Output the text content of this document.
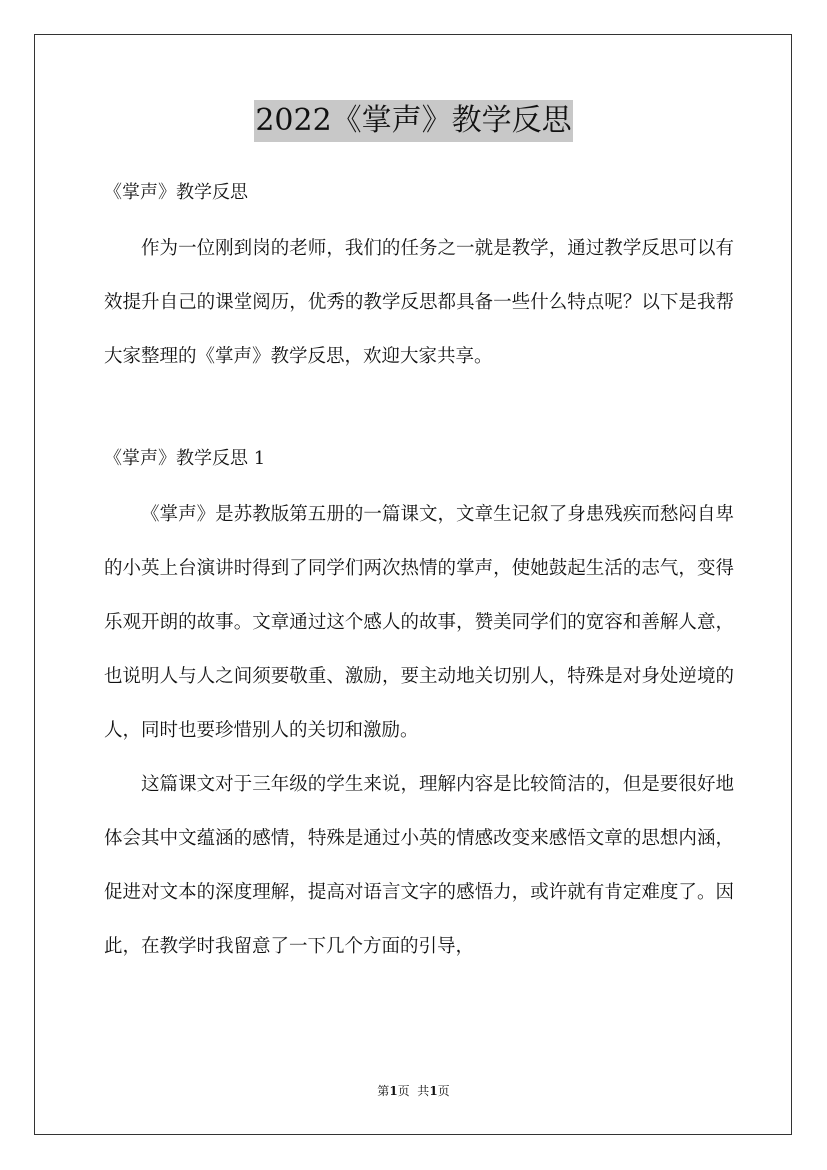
2022《掌声》教学反思

《掌声》教学反思

作为一位刚到岗的老师，我们的任务之一就是教学，通过教学反思可以有效提升自己的课堂阅历，优秀的教学反思都具备一些什么特点呢？以下是我帮大家整理的《掌声》教学反思，欢迎大家共享。

《掌声》教学反思 1

《掌声》是苏教版第五册的一篇课文，文章生记叙了身患残疾而愁闷自卑的小英上台演讲时得到了同学们两次热情的掌声，使她鼓起生活的志气，变得乐观开朗的故事。文章通过这个感人的故事，赞美同学们的宽容和善解人意，也说明人与人之间须要敬重、激励，要主动地关切别人，特殊是对身处逆境的人，同时也要珍惜别人的关切和激励。

这篇课文对于三年级的学生来说，理解内容是比较简洁的，但是要很好地体会其中文蕴涵的感情，特殊是通过小英的情感改变来感悟文章的思想内涵，促进对文本的深度理解，提高对语言文字的感悟力，或许就有肯定难度了。因此，在教学时我留意了一下几个方面的引导，

第1页  共1页
